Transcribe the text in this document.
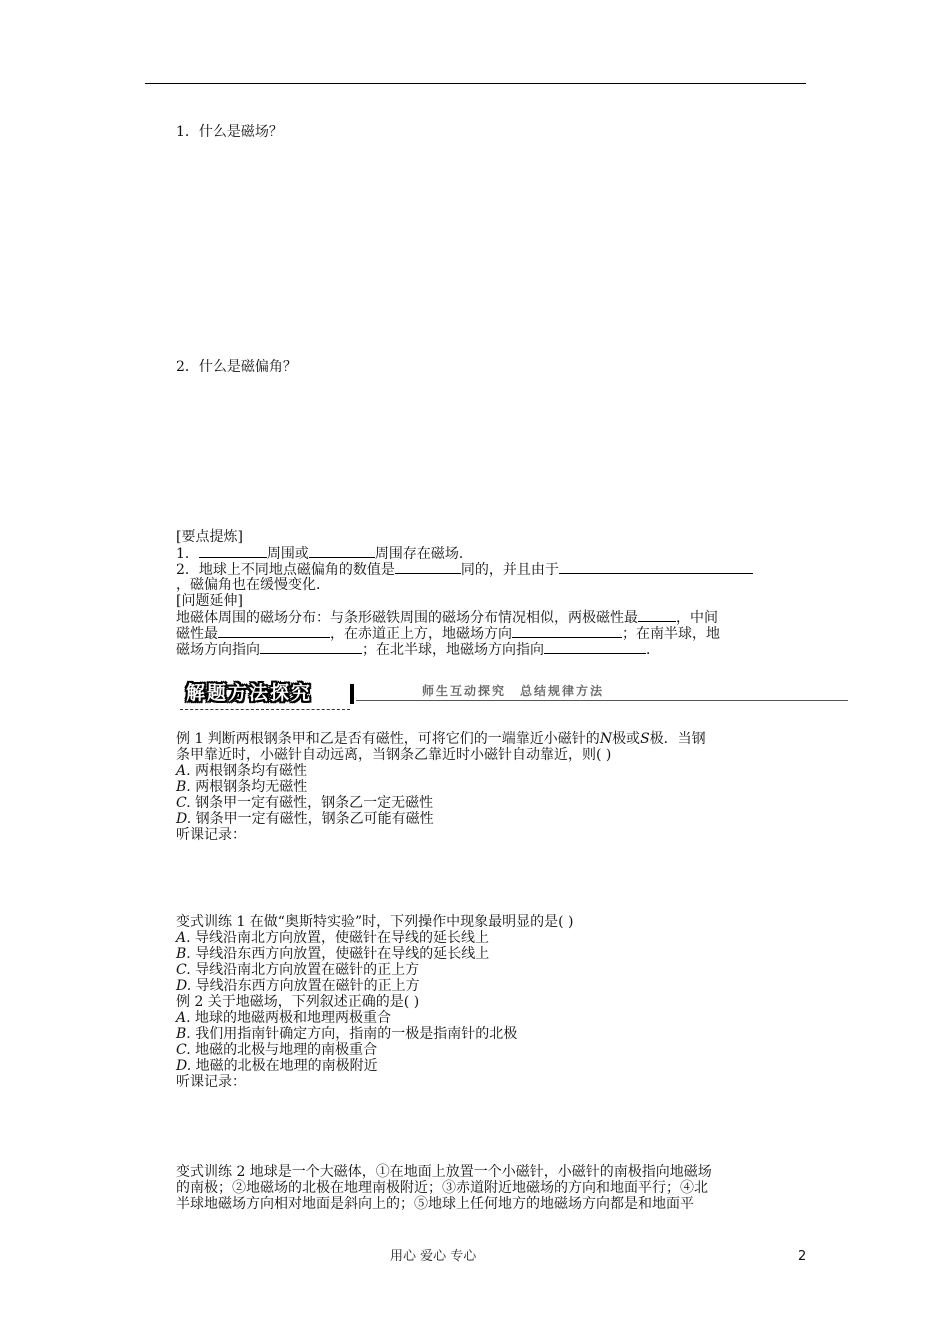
1．什么是磁场？
2．什么是磁偏角？
[要点提炼]
1．	周围或	周围存在磁场．
2．地球上不同地点磁偏角的数值是	同的，并且由于
，磁偏角也在缓慢变化．
[问题延伸]
地磁体周围的磁场分布：与条形磁铁周围的磁场分布情况相似，两极磁性最	，中间
磁性最	，在赤道正上方，地磁场方向	；在南半球，地
磁场方向指向	；在北半球，地磁场方向指向	．
解题方法探究	师生互动探究　总结规律方法
例 1 判断两根钢条甲和乙是否有磁性，可将它们的一端靠近小磁针的N极或S极．当钢
条甲靠近时，小磁针自动远离，当钢条乙靠近时小磁针自动靠近，则( )
A. 两根钢条均有磁性
B. 两根钢条均无磁性
C. 钢条甲一定有磁性，钢条乙一定无磁性
D. 钢条甲一定有磁性，钢条乙可能有磁性
听课记录：
变式训练 1 在做“奥斯特实验”时，下列操作中现象最明显的是( )
A. 导线沿南北方向放置，使磁针在导线的延长线上
B. 导线沿东西方向放置，使磁针在导线的延长线上
C. 导线沿南北方向放置在磁针的正上方
D. 导线沿东西方向放置在磁针的正上方
例 2 关于地磁场，下列叙述正确的是( )
A. 地球的地磁两极和地理两极重合
B. 我们用指南针确定方向，指南的一极是指南针的北极
C. 地磁的北极与地理的南极重合
D. 地磁的北极在地理的南极附近
听课记录：
变式训练 2 地球是一个大磁体，①在地面上放置一个小磁针，小磁针的南极指向地磁场
的南极；②地磁场的北极在地理南极附近；③赤道附近地磁场的方向和地面平行；④北
半球地磁场方向相对地面是斜向上的；⑤地球上任何地方的地磁场方向都是和地面平
用心 爱心 专心	2
